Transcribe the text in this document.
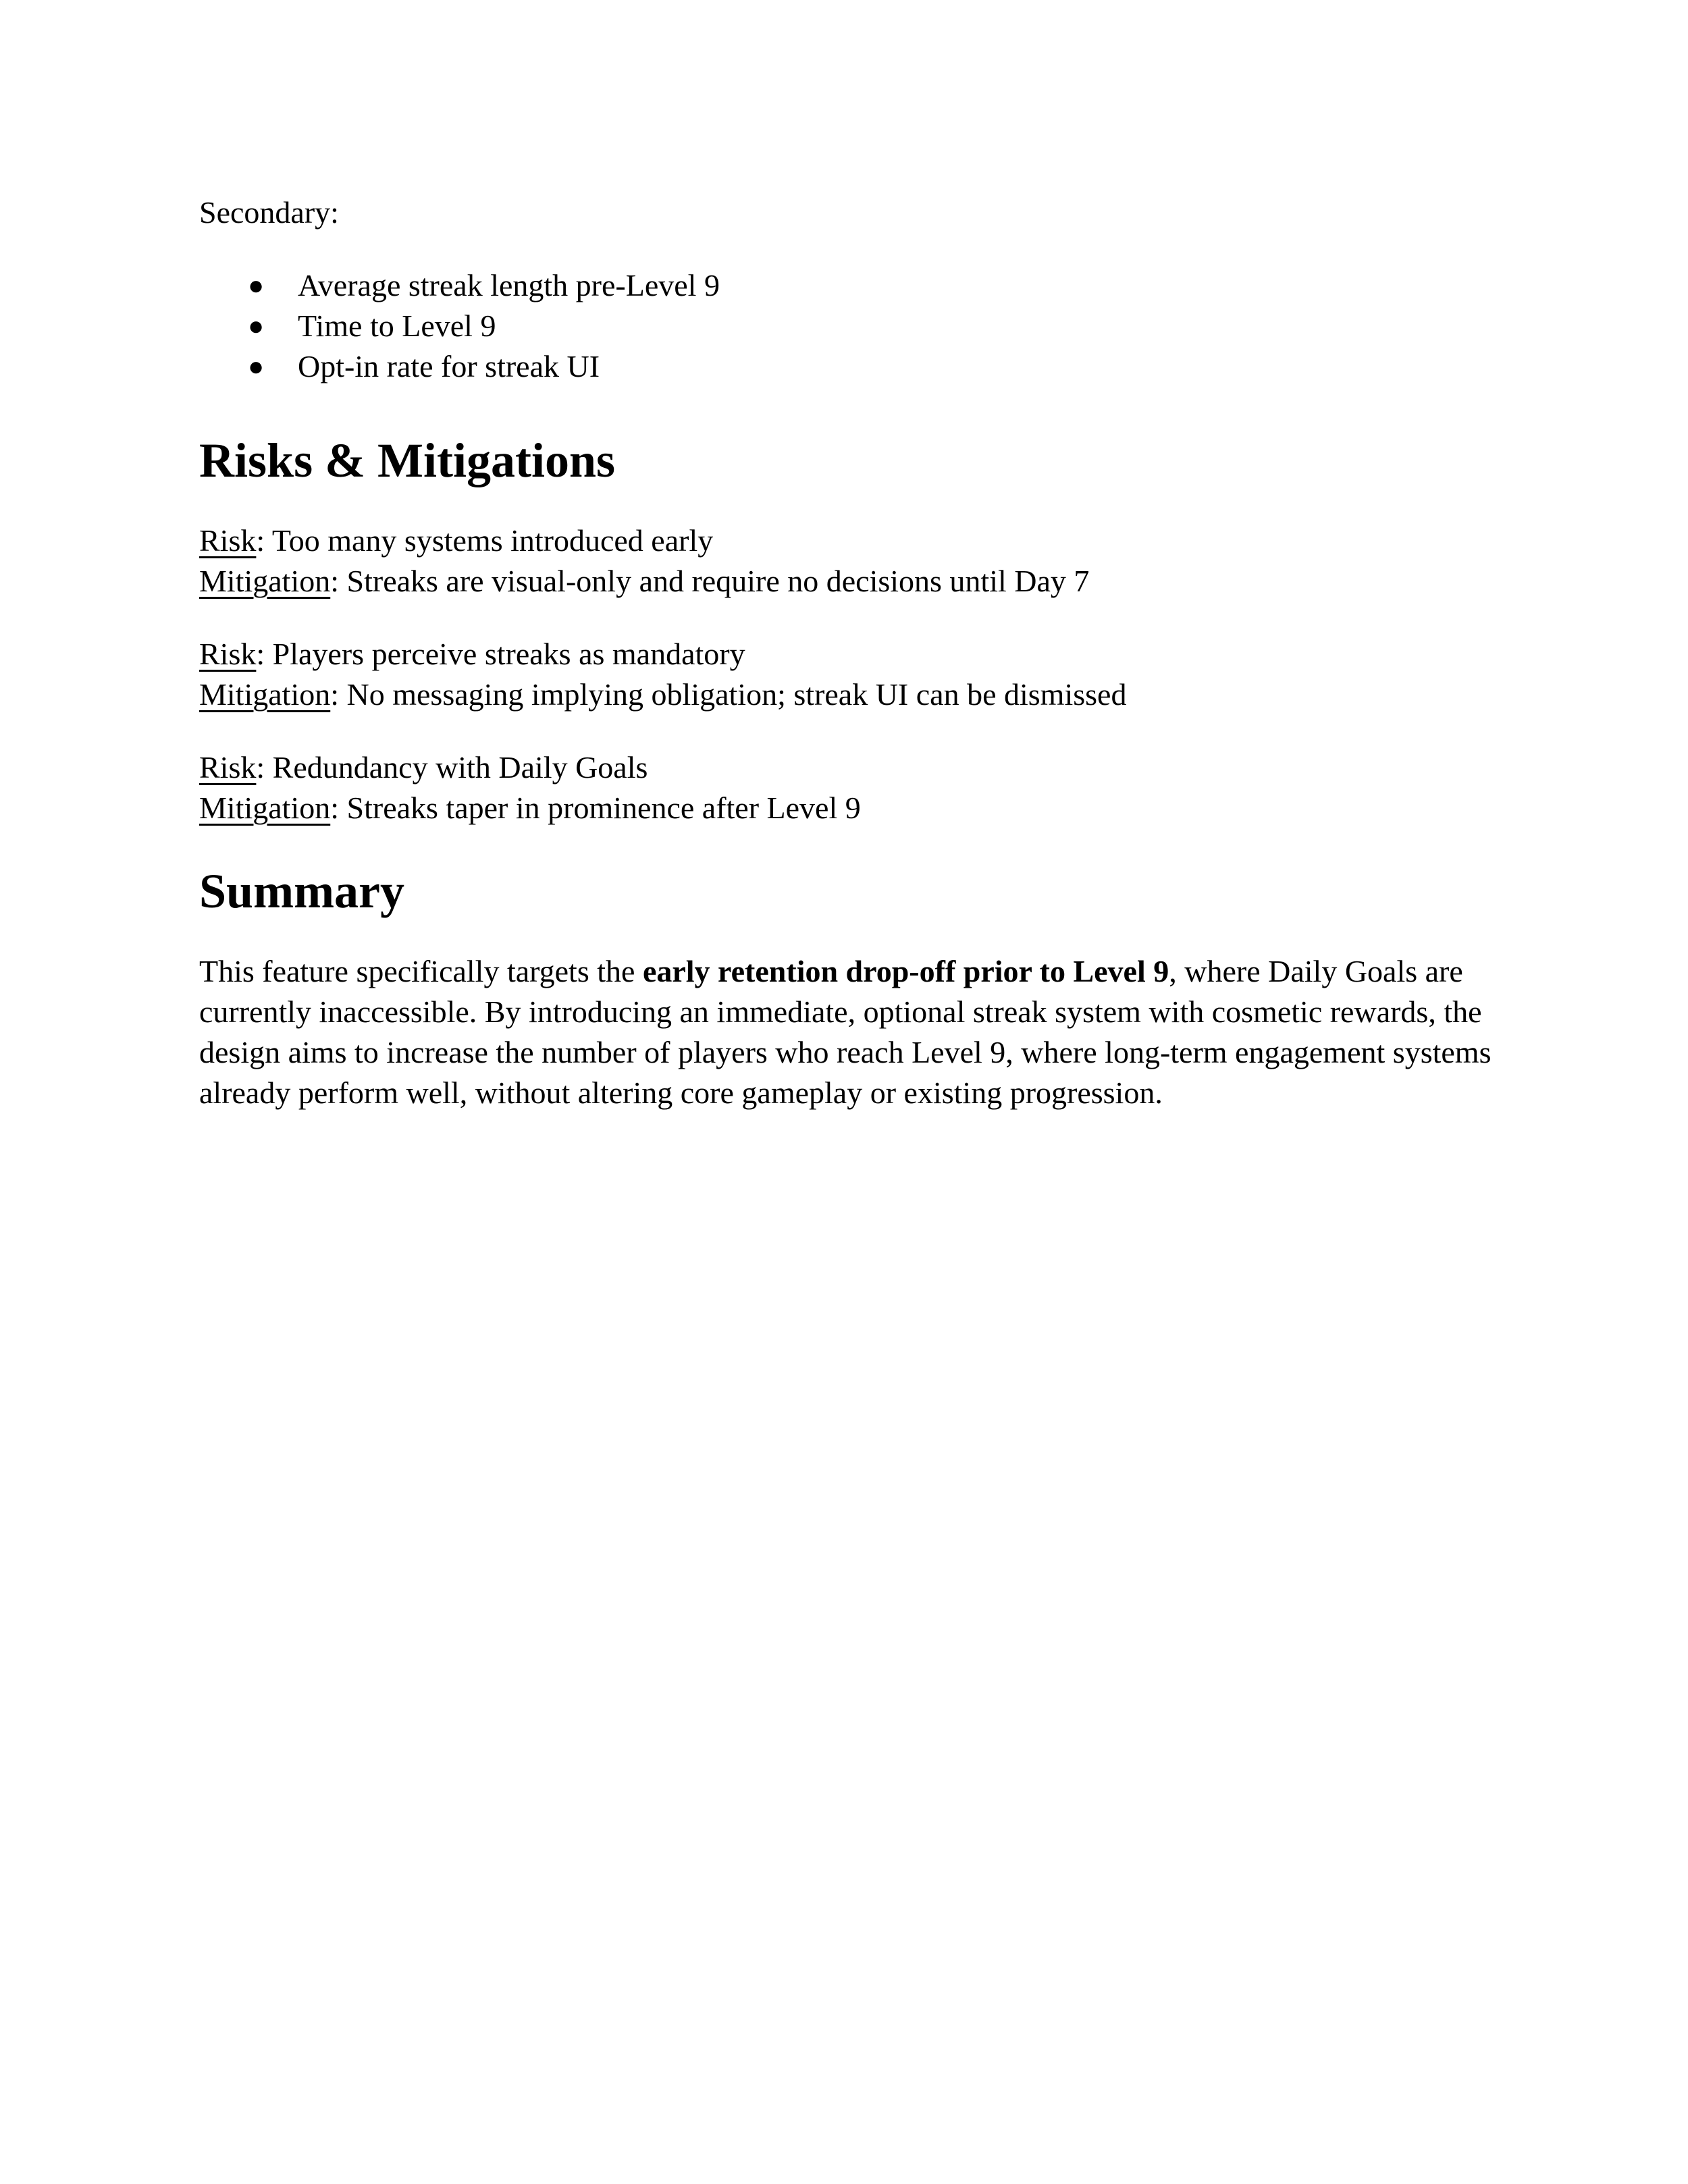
Secondary:

● Average streak length pre-Level 9
● Time to Level 9
● Opt-in rate for streak UI
Risks & Mitigations

Risk: Too many systems introduced early

Mitigation: Streaks are visual-only and require no decisions until Day 7

Risk: Players perceive streaks as mandatory

Mitigation: No messaging implying obligation; streak UI can be dismissed

Risk: Redundancy with Daily Goals

Mitigation: Streaks taper in prominence after Level 9

Summary

This feature specifically targets the early retention drop-off prior to Level 9, where Daily Goals are currently inaccessible. By introducing an immediate, optional streak system with cosmetic rewards, the design aims to increase the number of players who reach Level 9, where long-term engagement systems already perform well, without altering core gameplay or existing progression.
